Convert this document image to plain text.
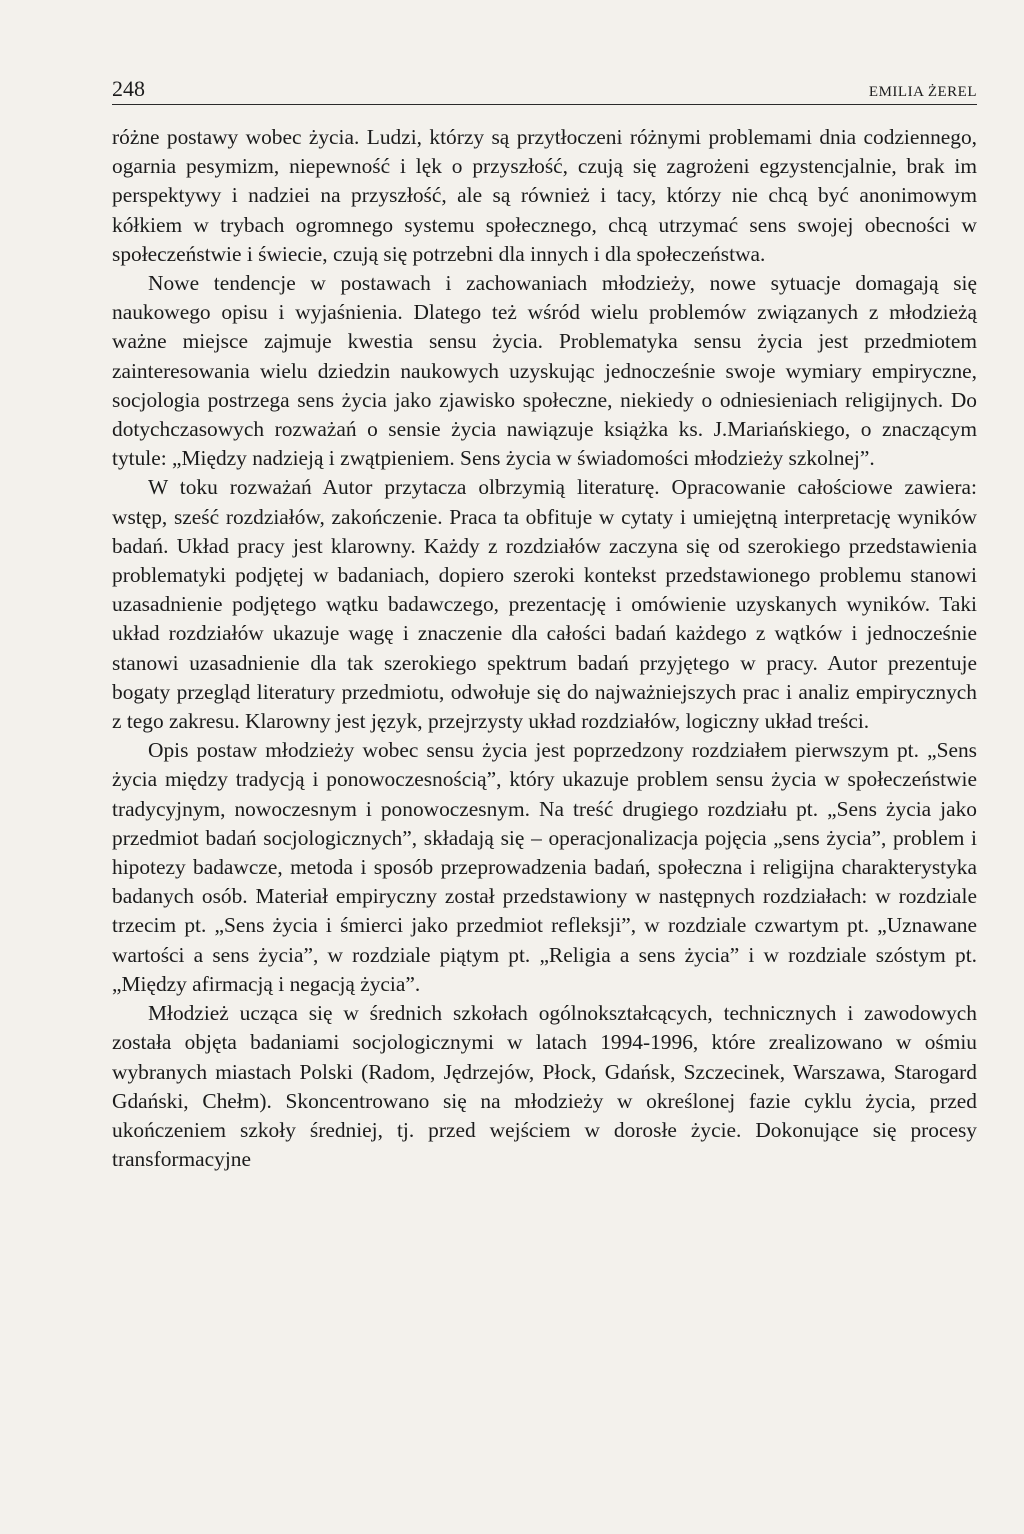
248	EMILIA ŻEREL

różne postawy wobec życia. Ludzi, którzy są przytłoczeni różnymi problemami dnia codziennego, ogarnia pesymizm, niepewność i lęk o przyszłość, czują się zagrożeni egzystencjalnie, brak im perspektywy i nadziei na przyszłość, ale są również i tacy, którzy nie chcą być anonimowym kółkiem w trybach ogromnego systemu społecznego, chcą utrzymać sens swojej obecności w społeczeństwie i świecie, czują się potrzebni dla innych i dla społeczeństwa.

Nowe tendencje w postawach i zachowaniach młodzieży, nowe sytuacje domagają się naukowego opisu i wyjaśnienia. Dlatego też wśród wielu problemów związanych z młodzieżą ważne miejsce zajmuje kwestia sensu życia. Problematyka sensu życia jest przedmiotem zainteresowania wielu dziedzin naukowych uzyskując jednocześnie swoje wymiary empiryczne, socjologia postrzega sens życia jako zjawisko społeczne, niekiedy o odniesieniach religijnych. Do dotychczasowych rozważań o sensie życia nawiązuje książka ks. J.Mariańskiego, o znaczącym tytule: „Między nadzieją i zwątpieniem. Sens życia w świadomości młodzieży szkolnej”.

W toku rozważań Autor przytacza olbrzymią literaturę. Opracowanie całościowe zawiera: wstęp, sześć rozdziałów, zakończenie. Praca ta obfituje w cytaty i umiejętną interpretację wyników badań. Układ pracy jest klarowny. Każdy z rozdziałów zaczyna się od szerokiego przedstawienia problematyki podjętej w badaniach, dopiero szeroki kontekst przedstawionego problemu stanowi uzasadnienie podjętego wątku badawczego, prezentację i omówienie uzyskanych wyników. Taki układ rozdziałów ukazuje wagę i znaczenie dla całości badań każdego z wątków i jednocześnie stanowi uzasadnienie dla tak szerokiego spektrum badań przyjętego w pracy. Autor prezentuje bogaty przegląd literatury przedmiotu, odwołuje się do najważniejszych prac i analiz empirycznych z tego zakresu. Klarowny jest język, przejrzysty układ rozdziałów, logiczny układ treści.

Opis postaw młodzieży wobec sensu życia jest poprzedzony rozdziałem pierwszym pt. „Sens życia między tradycją i ponowoczesnością”, który ukazuje problem sensu życia w społeczeństwie tradycyjnym, nowoczesnym i ponowoczesnym. Na treść drugiego rozdziału pt. „Sens życia jako przedmiot badań socjologicznych”, składają się – operacjonalizacja pojęcia „sens życia”, problem i hipotezy badawcze, metoda i sposób przeprowadzenia badań, społeczna i religijna charakterystyka badanych osób. Materiał empiryczny został przedstawiony w następnych rozdziałach: w rozdziale trzecim pt. „Sens życia i śmierci jako przedmiot refleksji”, w rozdziale czwartym pt. „Uznawane wartości a sens życia”, w rozdziale piątym pt. „Religia a sens życia” i w rozdziale szóstym pt. „Między afirmacją i negacją życia”.

Młodzież ucząca się w średnich szkołach ogólnokształcących, technicznych i zawodowych została objęta badaniami socjologicznymi w latach 1994-1996, które zrealizowano w ośmiu wybranych miastach Polski (Radom, Jędrzejów, Płock, Gdańsk, Szczecinek, Warszawa, Starogard Gdański, Chełm). Skoncentrowano się na młodzieży w określonej fazie cyklu życia, przed ukończeniem szkoły średniej, tj. przed wejściem w dorosłe życie. Dokonujące się procesy transformacyjne
